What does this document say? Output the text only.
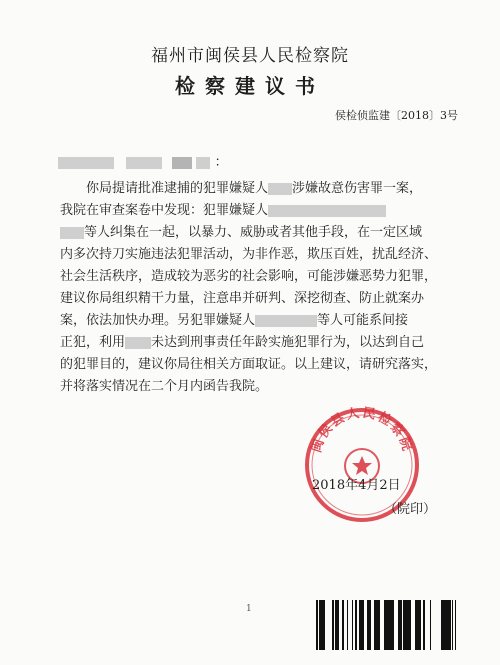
福州市闽侯县人民检察院
检察建议书
侯检侦监建〔2018〕3号
：
你局提请批准逮捕的犯罪嫌疑人 涉嫌故意伤害罪一案，
我院在审查案卷中发现：犯罪嫌疑人
等人纠集在一起，以暴力、威胁或者其他手段，在一定区域
内多次持刀实施违法犯罪活动，为非作恶，欺压百姓，扰乱经济、
社会生活秩序，造成较为恶劣的社会影响，可能涉嫌恶势力犯罪，
建议你局组织精干力量，注意串并研判、深挖彻查、防止就案办
案，依法加快办理。另犯罪嫌疑人	等人可能系间接
正犯，利用 未达到刑事责任年龄实施犯罪行为，以达到自己
的犯罪目的，建议你局往相关方面取证。以上建议，请研究落实，
并将落实情况在二个月内函告我院。
闽侯县人民检察院
2018年4月2日
（院印）
1
